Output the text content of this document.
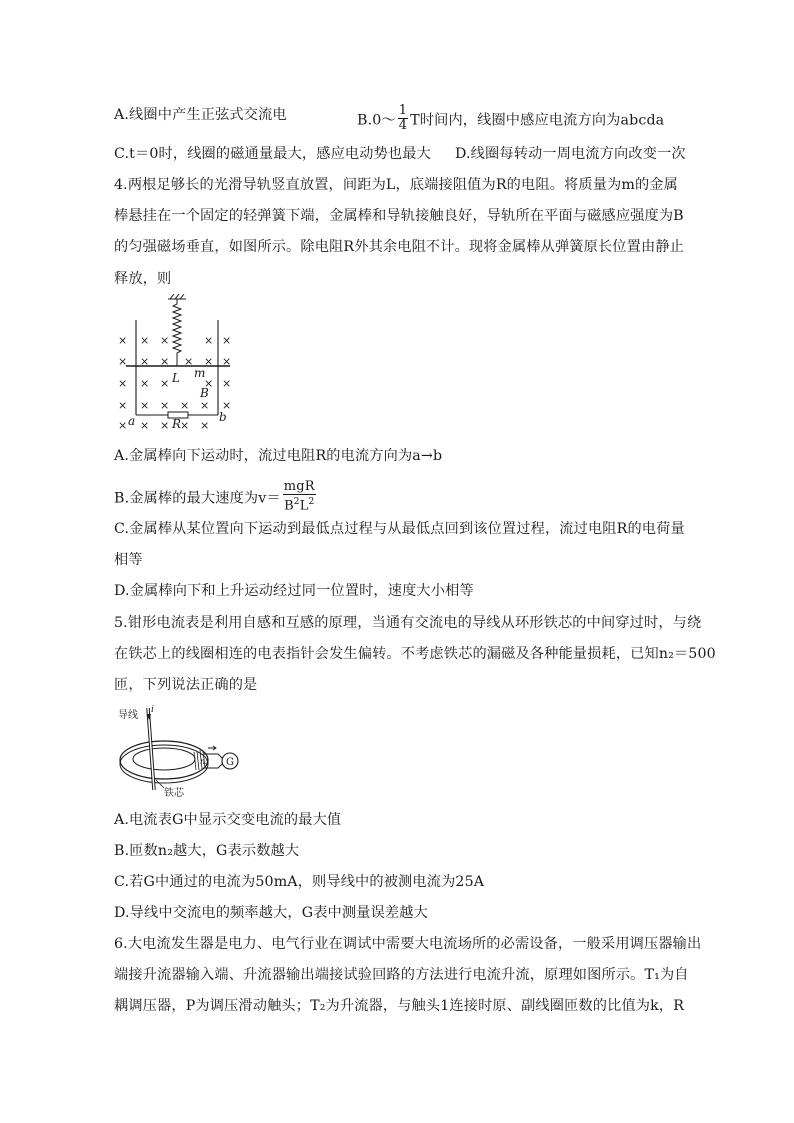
A.线圈中产生正弦式交流电	B.0～ $\frac{1}{4}$ T时间内，线圈中感应电流方向为abcda
C.t＝0时，线圈的磁通量最大，感应电动势也最大 D.线圈每转动一周电流方向改变一次
4.两根足够长的光滑导轨竖直放置，间距为L，底端接阻值为R的电阻。将质量为m的金属
棒悬挂在一个固定的轻弹簧下端，金属棒和导轨接触良好，导轨所在平面与磁感应强度为B
的匀强磁场垂直，如图所示。除电阻R外其余电阻不计。现将金属棒从弹簧原长位置由静止
释放，则
× × ×	× ×
× × × × × ×
× × ×	× ×
× × × × × ×
× × × × ×
L m
B
a	b
R
A.金属棒向下运动时，流过电阻R的电流方向为a→b
B.金属棒的最大速度为$v= \frac{\text{mgR}}{B^2L^2}$
C.金属棒从某位置向下运动到最低点过程与从最低点回到该位置过程，流过电阻R的电荷量
相等
D.金属棒向下和上升运动经过同一位置时，速度大小相等
5.钳形电流表是利用自感和互感的原理，当通有交流电的导线从环形铁芯的中间穿过时，与绕
在铁芯上的线圈相连的电表指针会发生偏转。不考虑铁芯的漏磁及各种能量损耗，已知n₂＝500
匝，下列说法正确的是
G
导线 i
n₂
铁芯
A.电流表G中显示交变电流的最大值
B.匝数n₂越大，G表示数越大
C.若G中通过的电流为50mA，则导线中的被测电流为25A
D.导线中交流电的频率越大，G表中测量误差越大
6.大电流发生器是电力、电气行业在调试中需要大电流场所的必需设备，一般采用调压器输出
端接升流器输入端、升流器输出端接试验回路的方法进行电流升流，原理如图所示。T₁为自
耦调压器，P为调压滑动触头；T₂为升流器，与触头1连接时原、副线圈匝数的比值为k，R
